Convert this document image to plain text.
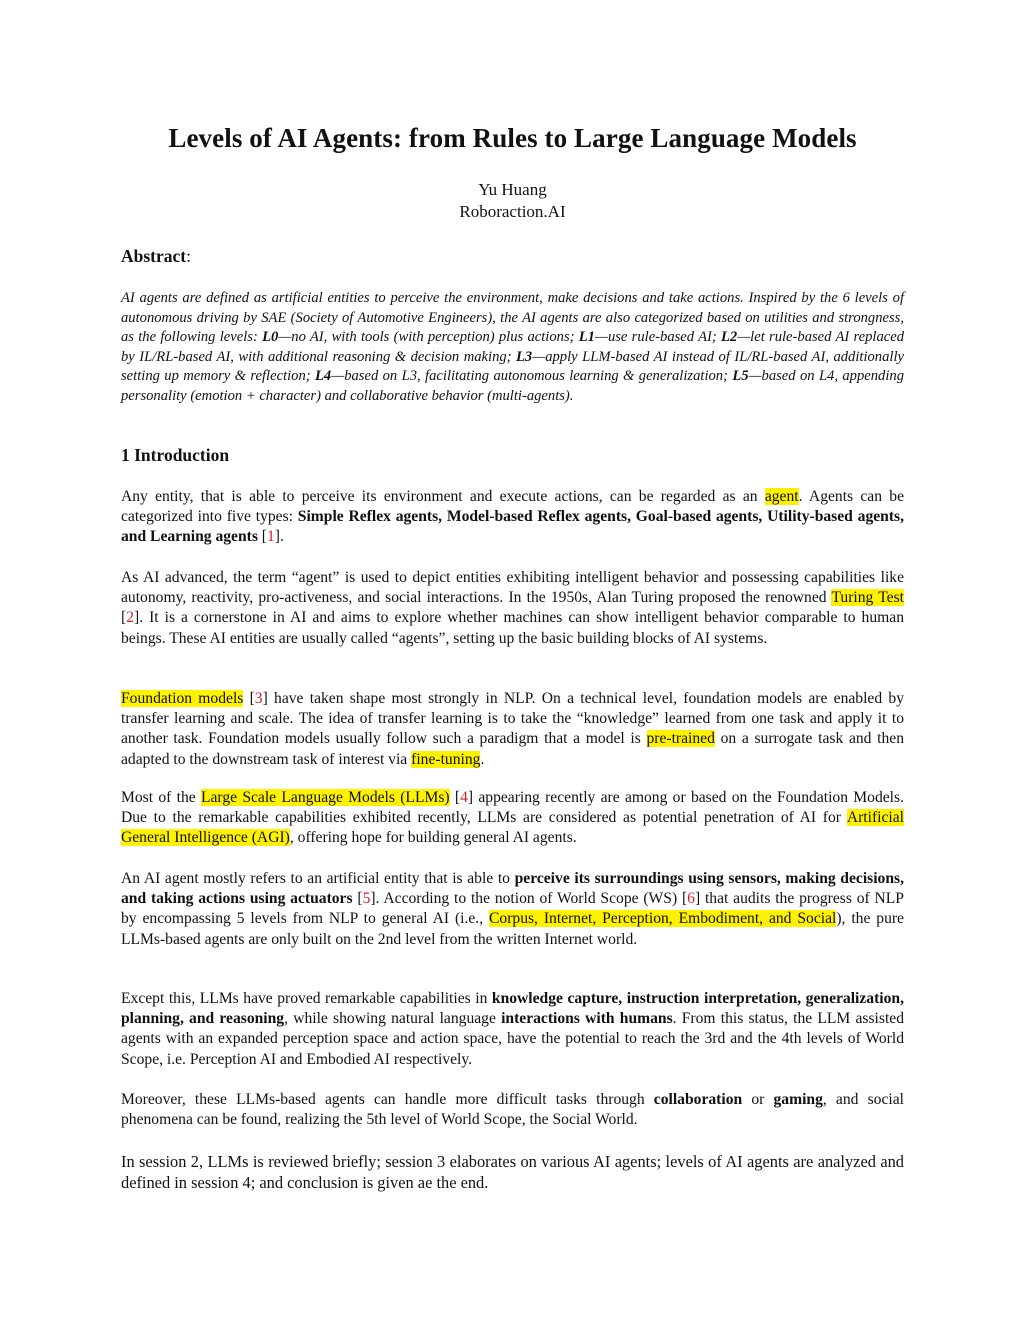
Levels of AI Agents: from Rules to Large Language Models
Yu Huang
Roboraction.AI
Abstract:

AI agents are defined as artificial entities to perceive the environment, make decisions and take actions. Inspired by the 6 levels of autonomous driving by SAE (Society of Automotive Engineers), the AI agents are also categorized based on utilities and strongness, as the following levels: L0—no AI, with tools (with perception) plus actions; L1—use rule-based AI; L2—let rule-based AI replaced by IL/RL-based AI, with additional reasoning & decision making; L3—apply LLM-based AI instead of IL/RL-based AI, additionally setting up memory & reflection; L4—based on L3, facilitating autonomous learning & generalization; L5—based on L4, appending personality (emotion + character) and collaborative behavior (multi-agents).

1 Introduction

Any entity, that is able to perceive its environment and execute actions, can be regarded as an agent. Agents can be categorized into five types: Simple Reflex agents, Model-based Reflex agents, Goal-based agents, Utility-based agents, and Learning agents [1].

As AI advanced, the term “agent” is used to depict entities exhibiting intelligent behavior and possessing capabilities like autonomy, reactivity, pro-activeness, and social interactions. In the 1950s, Alan Turing proposed the renowned Turing Test [2]. It is a cornerstone in AI and aims to explore whether machines can show intelligent behavior comparable to human beings. These AI entities are usually called “agents”, setting up the basic building blocks of AI systems.

Foundation models [3] have taken shape most strongly in NLP. On a technical level, foundation models are enabled by transfer learning and scale. The idea of transfer learning is to take the “knowledge” learned from one task and apply it to another task. Foundation models usually follow such a paradigm that a model is pre-trained on a surrogate task and then adapted to the downstream task of interest via fine-tuning.

Most of the Large Scale Language Models (LLMs) [4] appearing recently are among or based on the Foundation Models. Due to the remarkable capabilities exhibited recently, LLMs are considered as potential penetration of AI for Artificial General Intelligence (AGI), offering hope for building general AI agents.

An AI agent mostly refers to an artificial entity that is able to perceive its surroundings using sensors, making decisions, and taking actions using actuators [5]. According to the notion of World Scope (WS) [6] that audits the progress of NLP by encompassing 5 levels from NLP to general AI (i.e., Corpus, Internet, Perception, Embodiment, and Social), the pure LLMs-based agents are only built on the 2nd level from the written Internet world.

Except this, LLMs have proved remarkable capabilities in knowledge capture, instruction interpretation, generalization, planning, and reasoning, while showing natural language interactions with humans. From this status, the LLM assisted agents with an expanded perception space and action space, have the potential to reach the 3rd and the 4th levels of World Scope, i.e. Perception AI and Embodied AI respectively.

Moreover, these LLMs-based agents can handle more difficult tasks through collaboration or gaming, and social phenomena can be found, realizing the 5th level of World Scope, the Social World.

In session 2, LLMs is reviewed briefly; session 3 elaborates on various AI agents; levels of AI agents are analyzed and defined in session 4; and conclusion is given ae the end.
